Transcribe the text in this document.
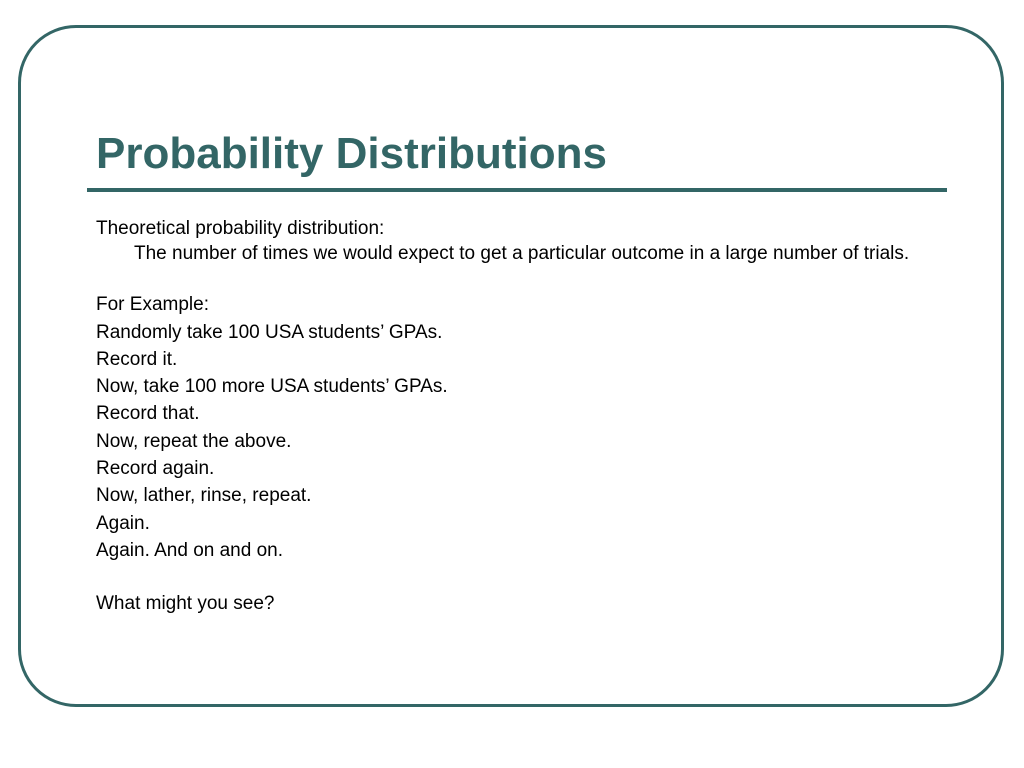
Probability Distributions

Theoretical probability distribution:

The number of times we would expect to get a particular outcome in a large number of trials.

For Example:

Randomly take 100 USA students’ GPAs.

Record it.

Now, take 100 more USA students’ GPAs.

Record that.

Now, repeat the above.

Record again.

Now, lather, rinse, repeat.

Again.

Again. And on and on.

What might you see?
